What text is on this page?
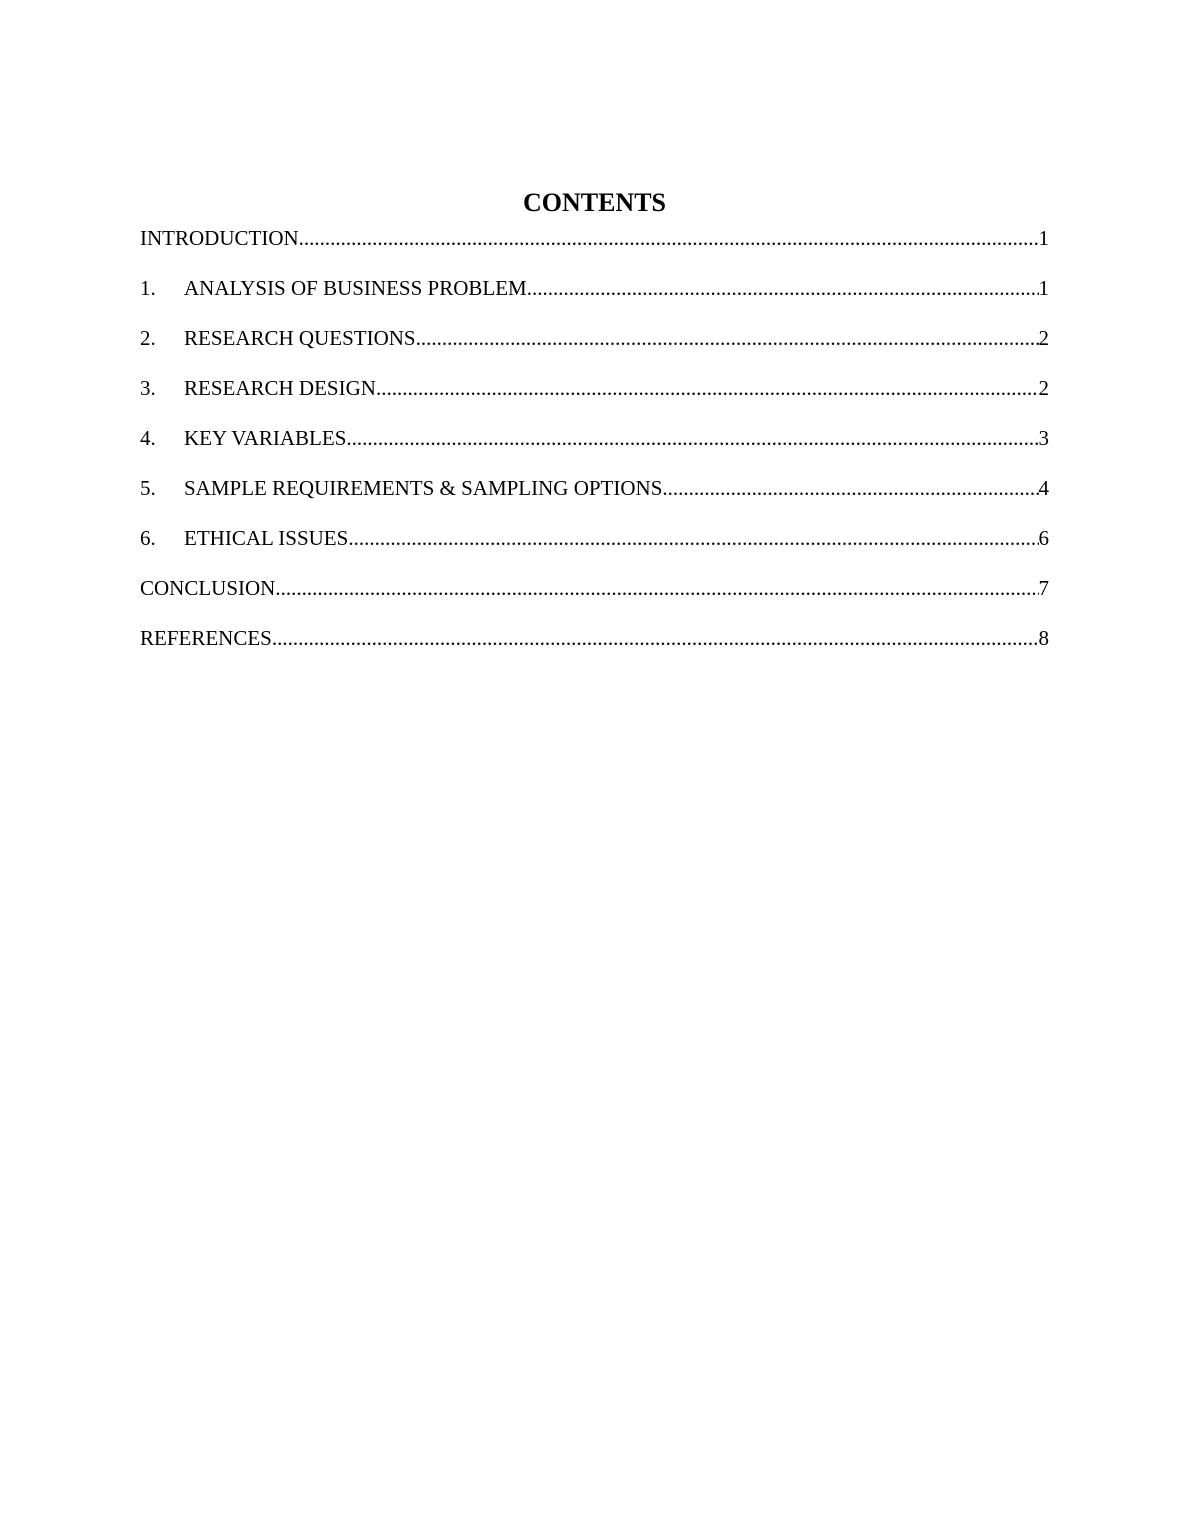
CONTENTS
INTRODUCTION .....	1
1.	ANALYSIS OF BUSINESS PROBLEM .....	1
2.	RESEARCH QUESTIONS .....	2
3.	RESEARCH DESIGN .....	2
4.	KEY VARIABLES .....	3
5.	SAMPLE REQUIREMENTS & SAMPLING OPTIONS .....	4
6.	ETHICAL ISSUES .....	6
CONCLUSION .....	7
REFERENCES .....	8
